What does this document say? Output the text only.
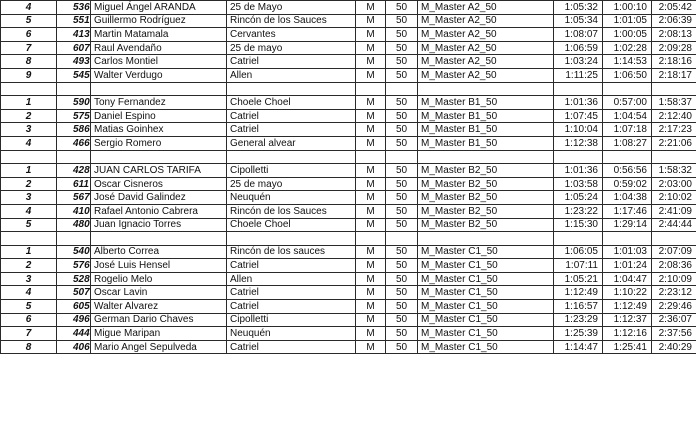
4	536	Miguel Ángel ARANDA	25 de Mayo	M	50	M_Master A2_50	1:05:32	1:00:10	2:05:42
5	551	Guillermo Rodríguez	Rincón de los Sauces	M	50	M_Master A2_50	1:05:34	1:01:05	2:06:39
6	413	Martin Matamala	Cervantes	M	50	M_Master A2_50	1:08:07	1:00:05	2:08:13
7	607	Raul Avendaño	25 de mayo	M	50	M_Master A2_50	1:06:59	1:02:28	2:09:28
8	493	Carlos Montiel	Catriel	M	50	M_Master A2_50	1:03:24	1:14:53	2:18:16
9	545	Walter Verdugo	Allen	M	50	M_Master A2_50	1:11:25	1:06:50	2:18:17

1	590	Tony Fernandez	Choele Choel	M	50	M_Master B1_50	1:01:36	0:57:00	1:58:37
2	575	Daniel Espino	Catriel	M	50	M_Master B1_50	1:07:45	1:04:54	2:12:40
3	586	Matias Goinhex	Catriel	M	50	M_Master B1_50	1:10:04	1:07:18	2:17:23
4	466	Sergio Romero	General alvear	M	50	M_Master B1_50	1:12:38	1:08:27	2:21:06

1	428	JUAN CARLOS TARIFA	Cipolletti	M	50	M_Master B2_50	1:01:36	0:56:56	1:58:32
2	611	Oscar Cisneros	25 de mayo	M	50	M_Master B2_50	1:03:58	0:59:02	2:03:00
3	567	José David Galindez	Neuquén	M	50	M_Master B2_50	1:05:24	1:04:38	2:10:02
4	410	Rafael Antonio Cabrera	Rincón de los Sauces	M	50	M_Master B2_50	1:23:22	1:17:46	2:41:09
5	480	Juan Ignacio Torres	Choele Choel	M	50	M_Master B2_50	1:15:30	1:29:14	2:44:44

1	540	Alberto Correa	Rincón de los sauces	M	50	M_Master C1_50	1:06:05	1:01:03	2:07:09
2	576	José Luis Hensel	Catriel	M	50	M_Master C1_50	1:07:11	1:01:24	2:08:36
3	528	Rogelio Melo	Allen	M	50	M_Master C1_50	1:05:21	1:04:47	2:10:09
4	507	Oscar Lavin	Catriel	M	50	M_Master C1_50	1:12:49	1:10:22	2:23:12
5	605	Walter Alvarez	Catriel	M	50	M_Master C1_50	1:16:57	1:12:49	2:29:46
6	496	German Dario Chaves	Cipolletti	M	50	M_Master C1_50	1:23:29	1:12:37	2:36:07
7	444	Migue Maripan	Neuquén	M	50	M_Master C1_50	1:25:39	1:12:16	2:37:56
8	406	Mario Angel Sepulveda	Catriel	M	50	M_Master C1_50	1:14:47	1:25:41	2:40:29
